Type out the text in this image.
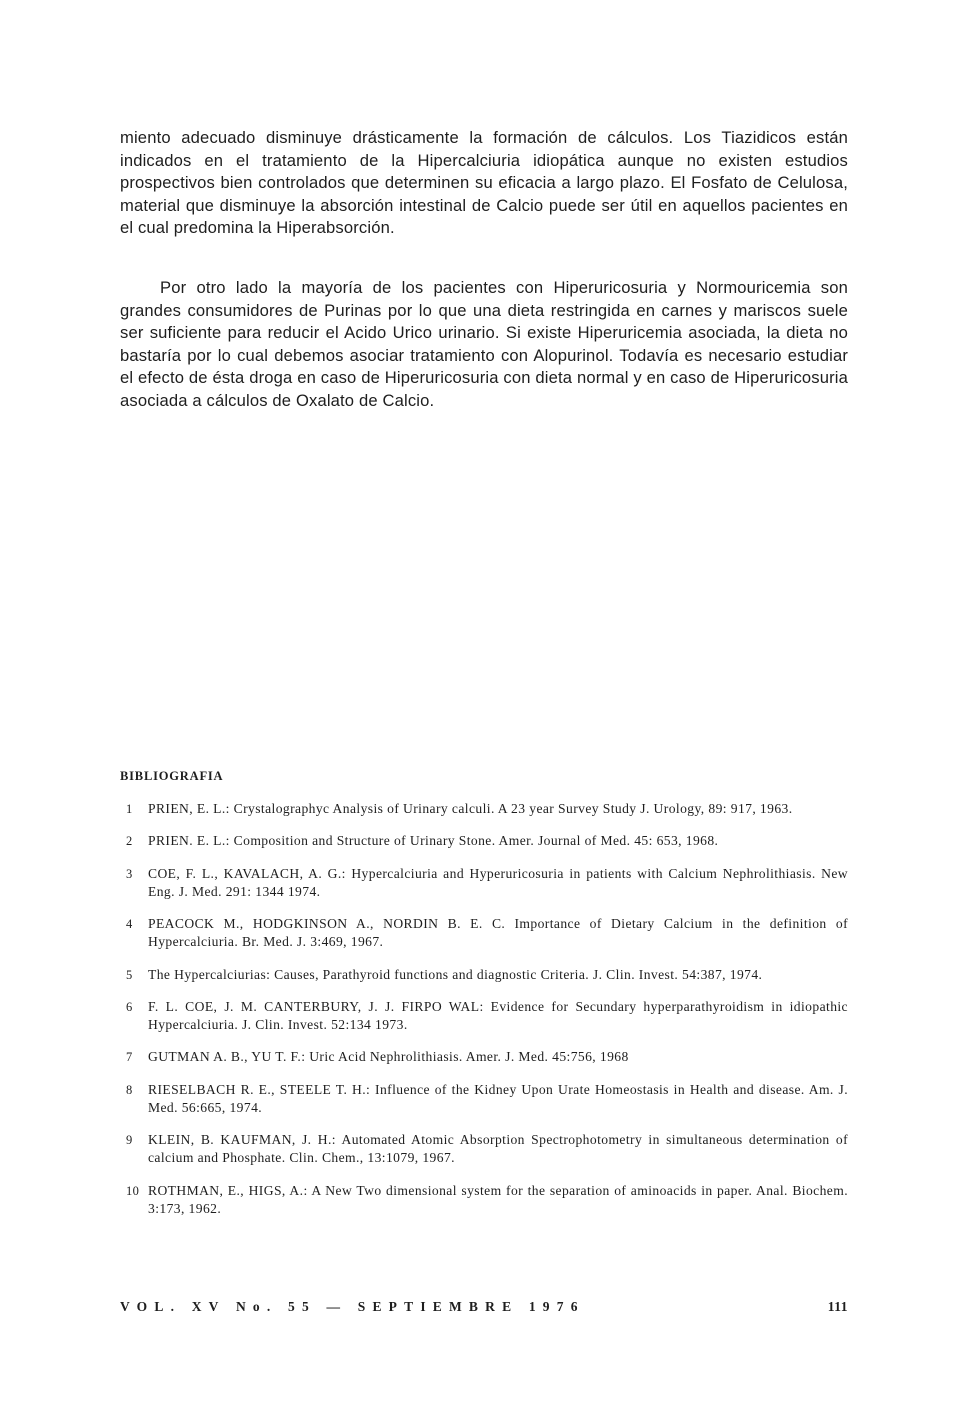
miento adecuado disminuye drásticamente la formación de cálculos. Los Tiazidicos están indicados en el tratamiento de la Hipercalciuria idiopática aunque no existen estudios prospectivos bien controlados que determinen su eficacia a largo plazo. El Fosfato de Celulosa, material que disminuye la absorción intestinal de Calcio puede ser útil en aquellos pacientes en el cual predomina la Hiperabsorción.

Por otro lado la mayoría de los pacientes con Hiperuricosuria y Normouricemia son grandes consumidores de Purinas por lo que una dieta restringida en carnes y mariscos suele ser suficiente para reducir el Acido Urico urinario. Si existe Hiperuricemia asociada, la dieta no bastaría por lo cual debemos asociar tratamiento con Alopurinol. Todavía es necesario estudiar el efecto de ésta droga en caso de Hiperuricosuria con dieta normal y en caso de Hiperuricosuria asociada a cálculos de Oxalato de Calcio.

BIBLIOGRAFIA
1 PRIEN, E. L.: Crystalographyc Analysis of Urinary calculi. A 23 year Survey Study J. Urology, 89: 917, 1963.
2 PRIEN. E. L.: Composition and Structure of Urinary Stone. Amer. Journal of Med. 45: 653, 1968.
3 COE, F. L., KAVALACH, A. G.: Hypercalciuria and Hyperuricosuria in patients with Calcium Nephrolithiasis. New Eng. J. Med. 291: 1344 1974.
4 PEACOCK M., HODGKINSON A., NORDIN B. E. C. Importance of Dietary Calcium in the definition of Hypercalciuria. Br. Med. J. 3:469, 1967.
5 The Hypercalciurias: Causes, Parathyroid functions and diagnostic Criteria. J. Clin. Invest. 54:387, 1974.
6 F. L. COE, J. M. CANTERBURY, J. J. FIRPO WAL: Evidence for Secundary hyperparathyroidism in idiopathic Hypercalciuria. J. Clin. Invest. 52:134 1973.
7 GUTMAN A. B., YU T. F.: Uric Acid Nephrolithiasis. Amer. J. Med. 45:756, 1968
8 RIESELBACH R. E., STEELE T. H.: Influence of the Kidney Upon Urate Homeostasis in Health and disease. Am. J. Med. 56:665, 1974.
9 KLEIN, B. KAUFMAN, J. H.: Automated Atomic Absorption Spectrophotometry in simultaneous determination of calcium and Phosphate. Clin. Chem., 13:1079, 1967.
10 ROTHMAN, E., HIGS, A.: A New Two dimensional system for the separation of aminoacids in paper. Anal. Biochem. 3:173, 1962.
VOL. XV No. 55 — SEPTIEMBRE 1976	111
